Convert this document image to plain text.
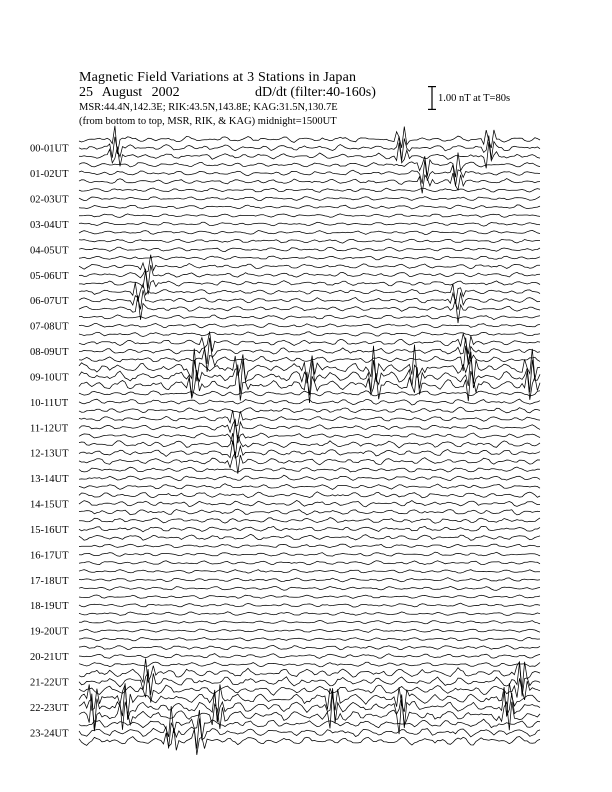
Magnetic Field Variations at 3 Stations in Japan
25 August 2002	dD/dt (filter:40-160s)
MSR:44.4N,142.3E; RIK:43.5N,143.8E; KAG:31.5N,130.7E
(from bottom to top, MSR, RIK, & KAG) midnight=1500UT
1.00 nT at T=80s
00-01UT
01-02UT
02-03UT
03-04UT
04-05UT
05-06UT
06-07UT
07-08UT
08-09UT
09-10UT
10-11UT
11-12UT
12-13UT
13-14UT
14-15UT
15-16UT
16-17UT
17-18UT
18-19UT
19-20UT
20-21UT
21-22UT
22-23UT
23-24UT
